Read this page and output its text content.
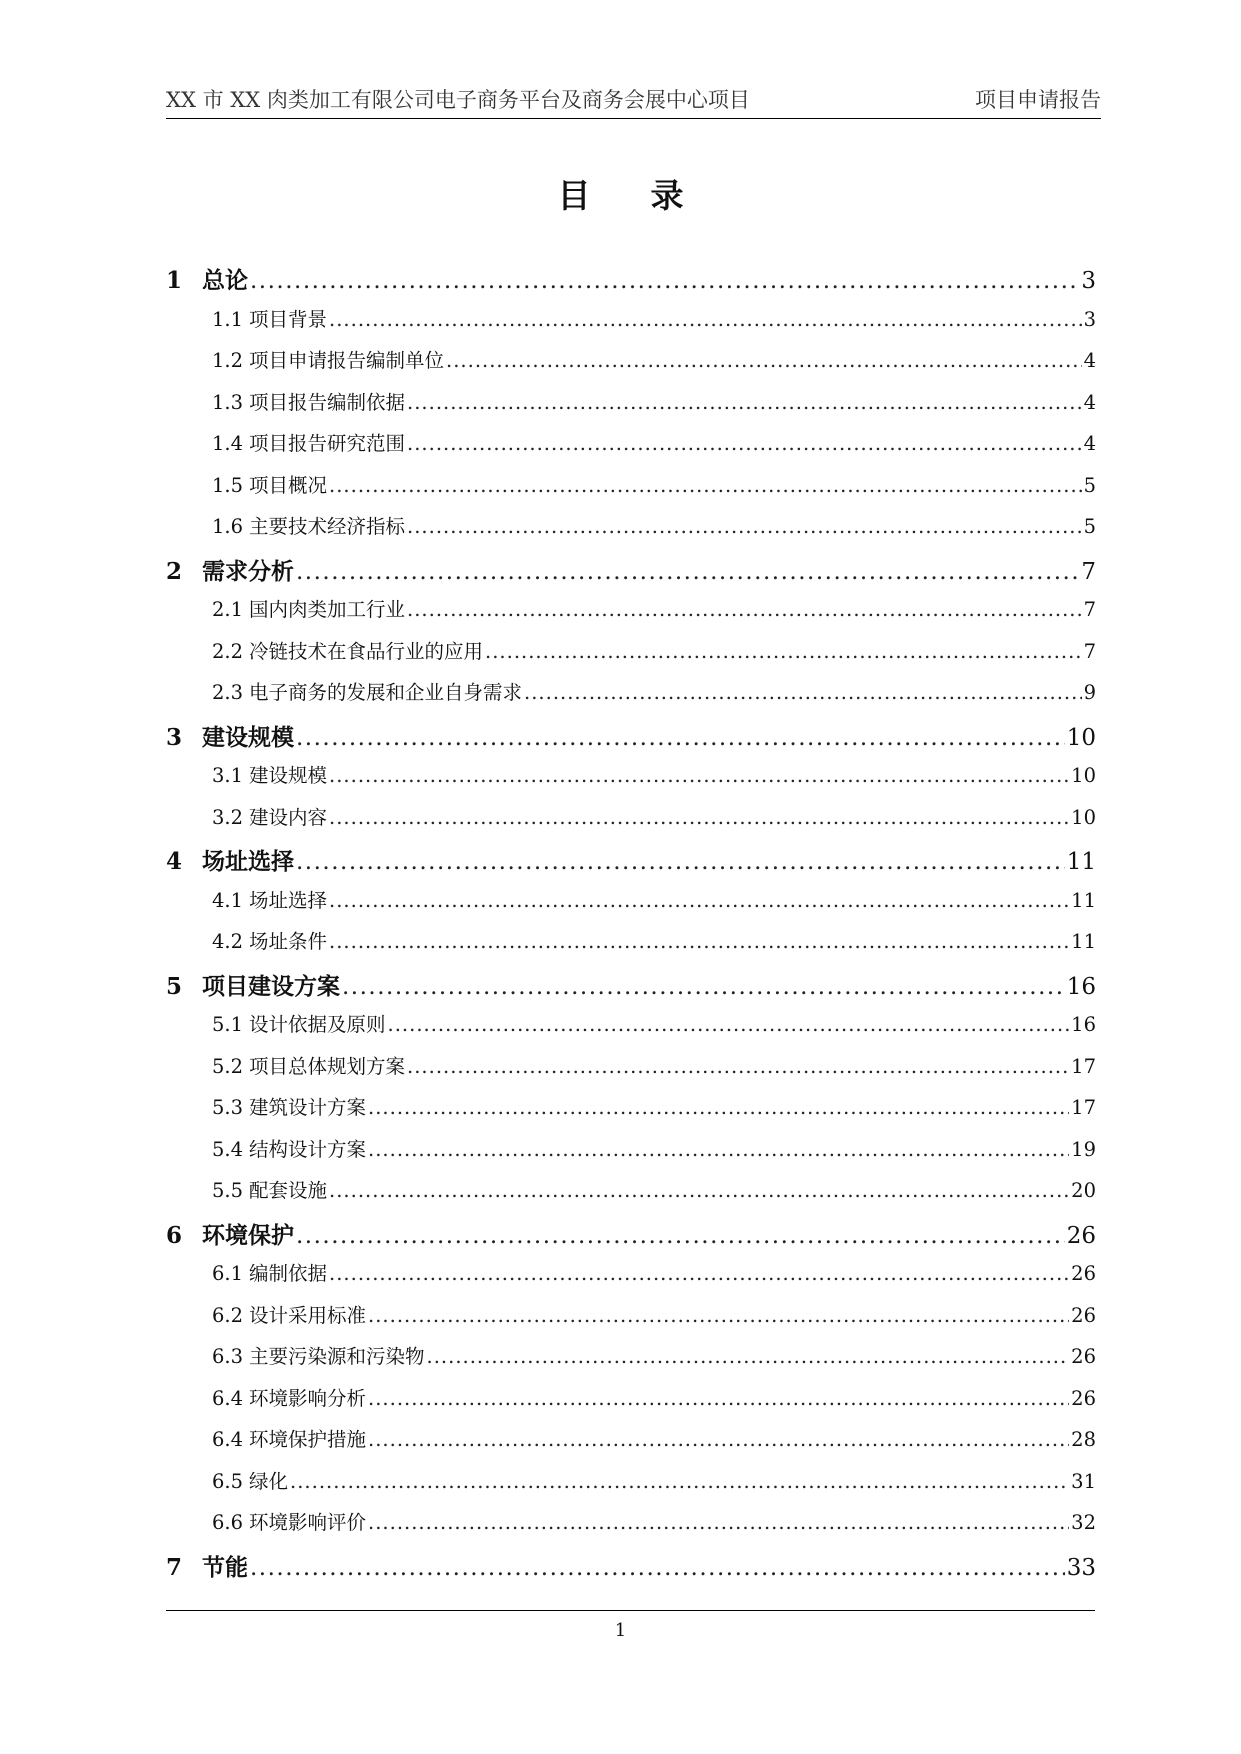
XX 市 XX 肉类加工有限公司电子商务平台及商务会展中心项目	项目申请报告
目 录
1 总论 .....	3
1.1 项目背景 .....	3
1.2 项目申请报告编制单位 .....	4
1.3 项目报告编制依据 .....	4
1.4 项目报告研究范围 .....	4
1.5 项目概况 .....	5
1.6 主要技术经济指标 .....	5
2 需求分析 .....	7
2.1 国内肉类加工行业 .....	7
2.2 冷链技术在食品行业的应用 .....	7
2.3 电子商务的发展和企业自身需求 .....	9
3 建设规模 .....	10
3.1 建设规模 .....	10
3.2 建设内容 .....	10
4 场址选择 .....	11
4.1 场址选择 .....	11
4.2 场址条件 .....	11
5 项目建设方案 .....	16
5.1 设计依据及原则 .....	16
5.2 项目总体规划方案 .....	17
5.3 建筑设计方案 .....	17
5.4 结构设计方案 .....	19
5.5 配套设施 .....	20
6 环境保护 .....	26
6.1 编制依据 .....	26
6.2 设计采用标准 .....	26
6.3 主要污染源和污染物 .....	26
6.4 环境影响分析 .....	26
6.4 环境保护措施 .....	28
6.5 绿化 .....	31
6.6 环境影响评价 .....	32
7 节能 .....	33
1
